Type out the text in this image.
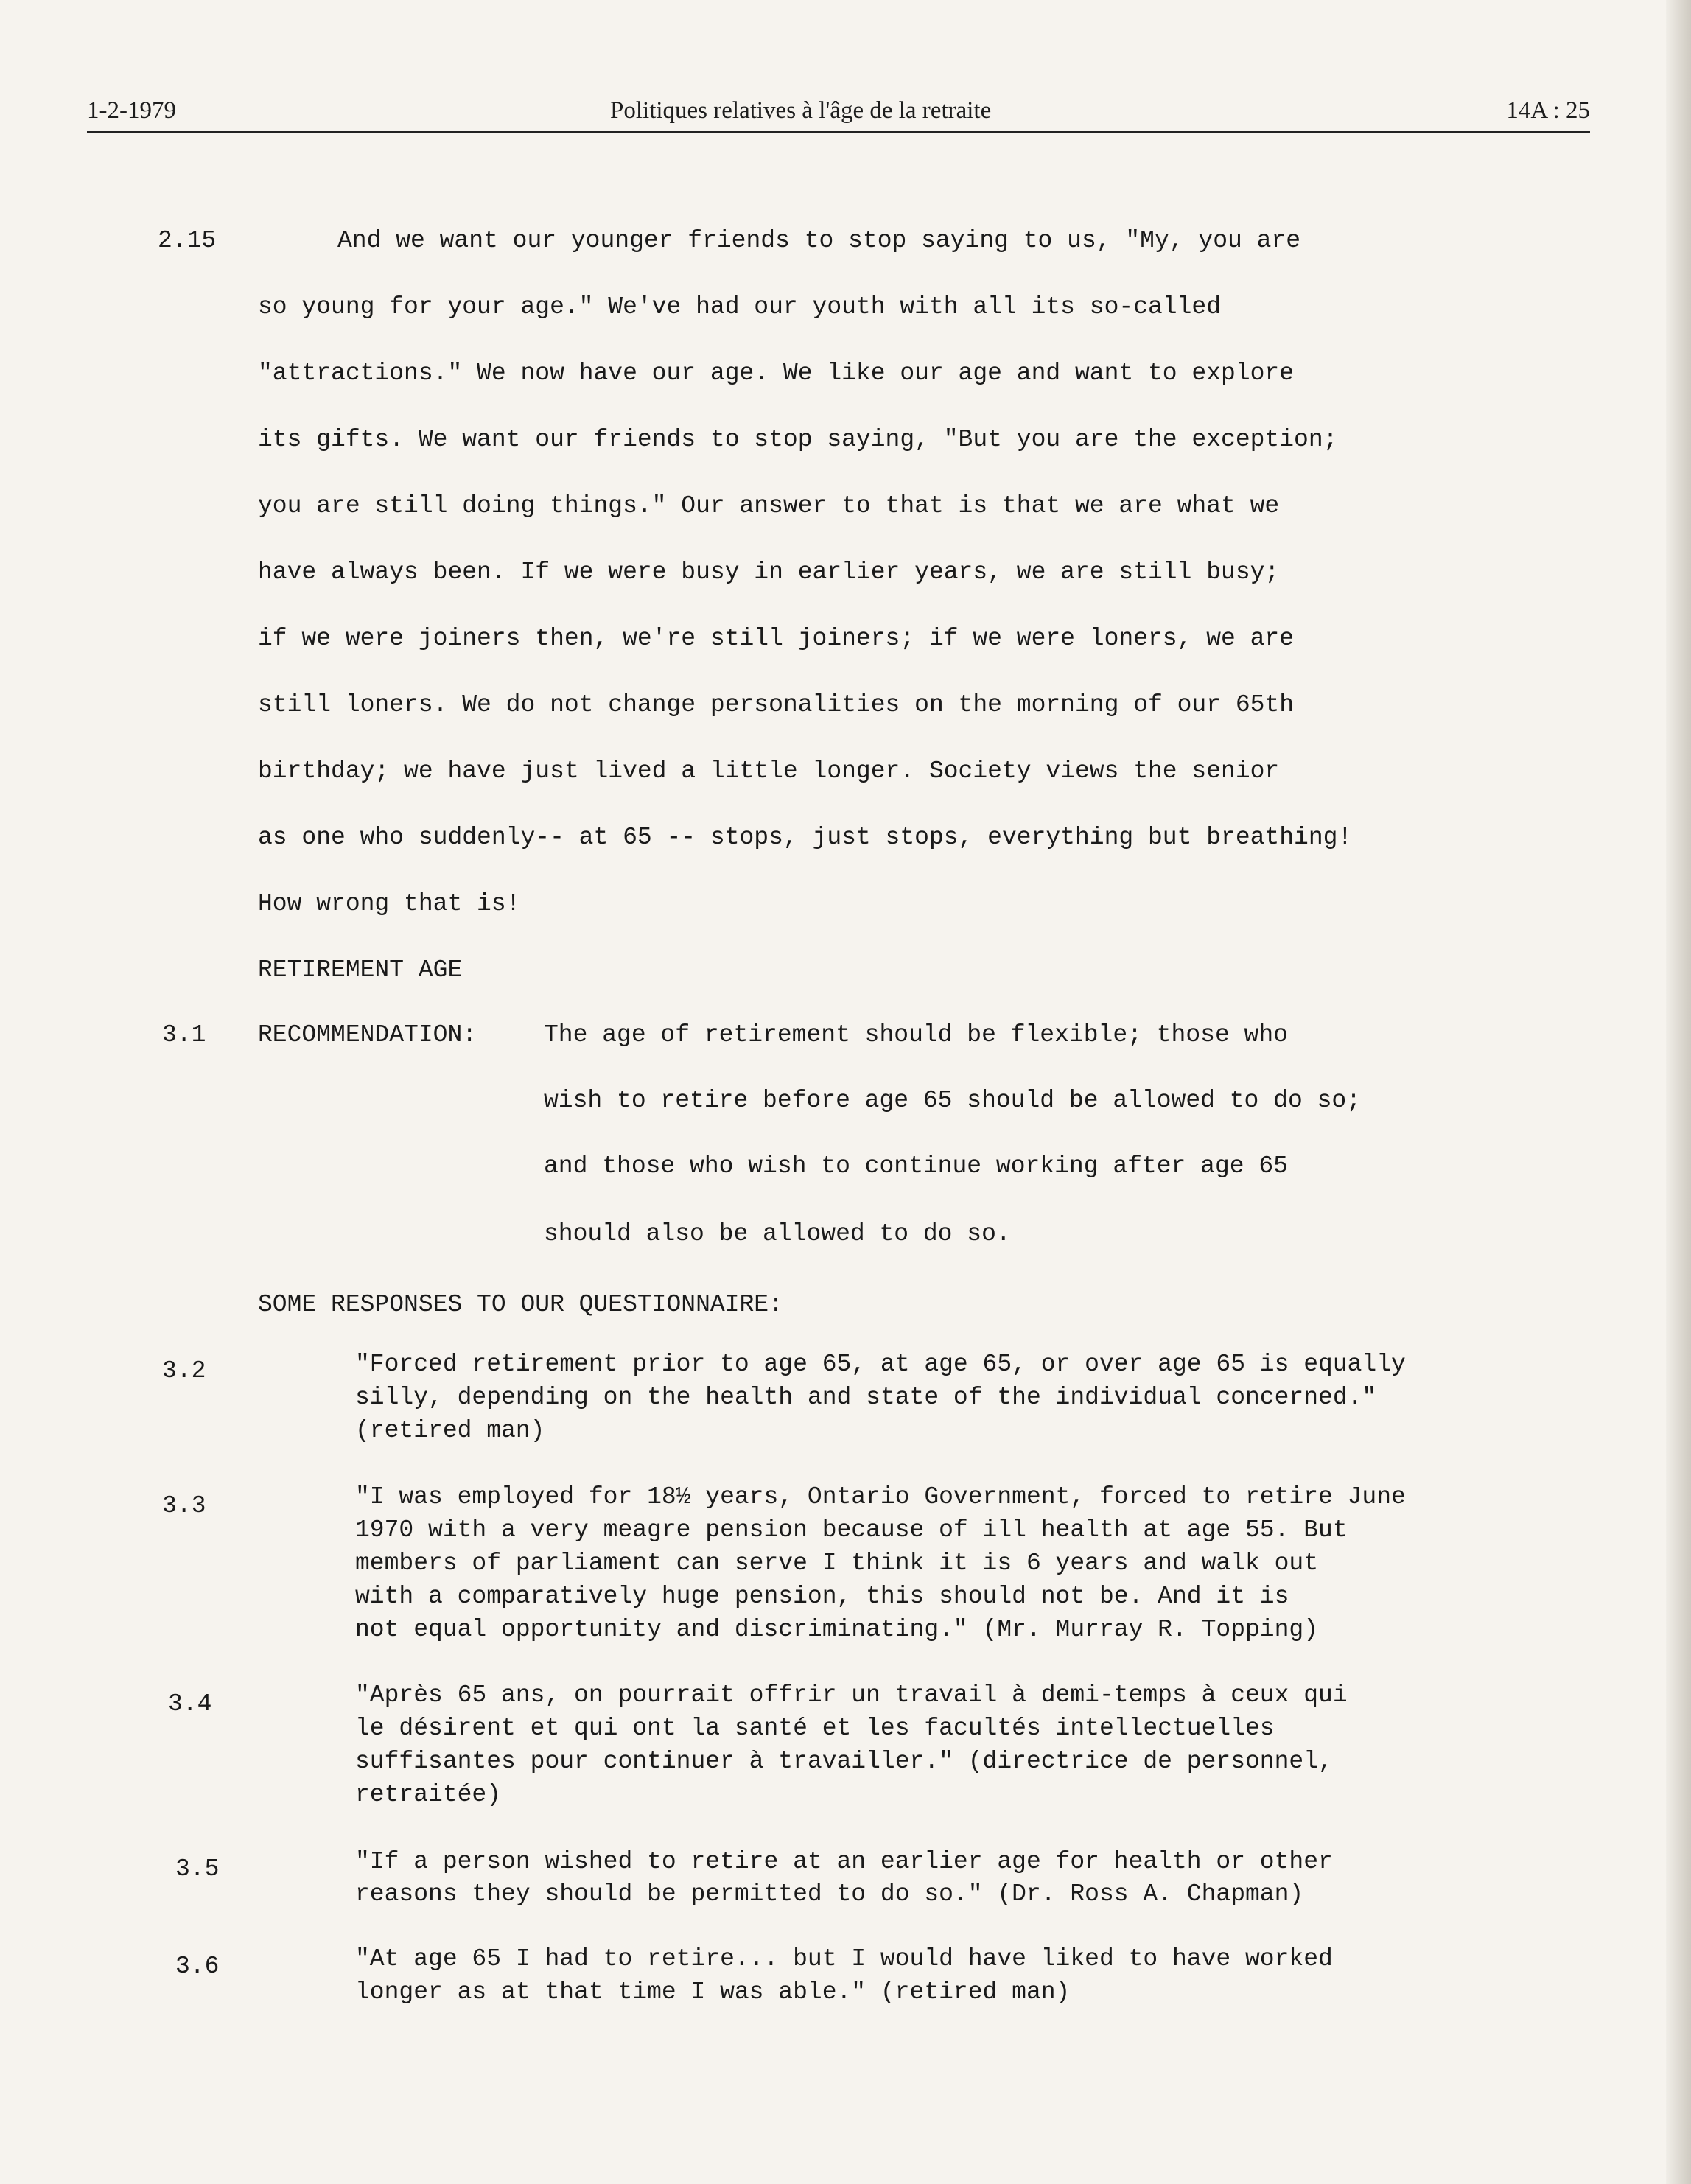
1-2-1979	Politiques relatives à l'âge de la retraite	14A : 25
2.15	And we want our younger friends to stop saying to us, "My, you are
so young for your age." We've had our youth with all its so-called
"attractions." We now have our age. We like our age and want to explore
its gifts. We want our friends to stop saying, "But you are the exception;
you are still doing things." Our answer to that is that we are what we
have always been. If we were busy in earlier years, we are still busy;
if we were joiners then, we're still joiners; if we were loners, we are
still loners. We do not change personalities on the morning of our 65th
birthday; we have just lived a little longer. Society views the senior
as one who suddenly-- at 65 -- stops, just stops, everything but breathing!
How wrong that is!
RETIREMENT AGE
3.1 RECOMMENDATION:	The age of retirement should be flexible; those who
wish to retire before age 65 should be allowed to do so;
and those who wish to continue working after age 65
should also be allowed to do so.
SOME RESPONSES TO OUR QUESTIONNAIRE:
3.2	"Forced retirement prior to age 65, at age 65, or over age 65 is equally
silly, depending on the health and state of the individual concerned."
(retired man)
3.3	"I was employed for 18½ years, Ontario Government, forced to retire June
1970 with a very meagre pension because of ill health at age 55. But
members of parliament can serve I think it is 6 years and walk out
with a comparatively huge pension, this should not be. And it is
not equal opportunity and discriminating." (Mr. Murray R. Topping)
3.4	"Après 65 ans, on pourrait offrir un travail à demi-temps à ceux qui
le désirent et qui ont la santé et les facultés intellectuelles
suffisantes pour continuer à travailler." (directrice de personnel,
retraitée)
3.5	"If a person wished to retire at an earlier age for health or other
reasons they should be permitted to do so." (Dr. Ross A. Chapman)
3.6	"At age 65 I had to retire... but I would have liked to have worked
longer as at that time I was able." (retired man)
